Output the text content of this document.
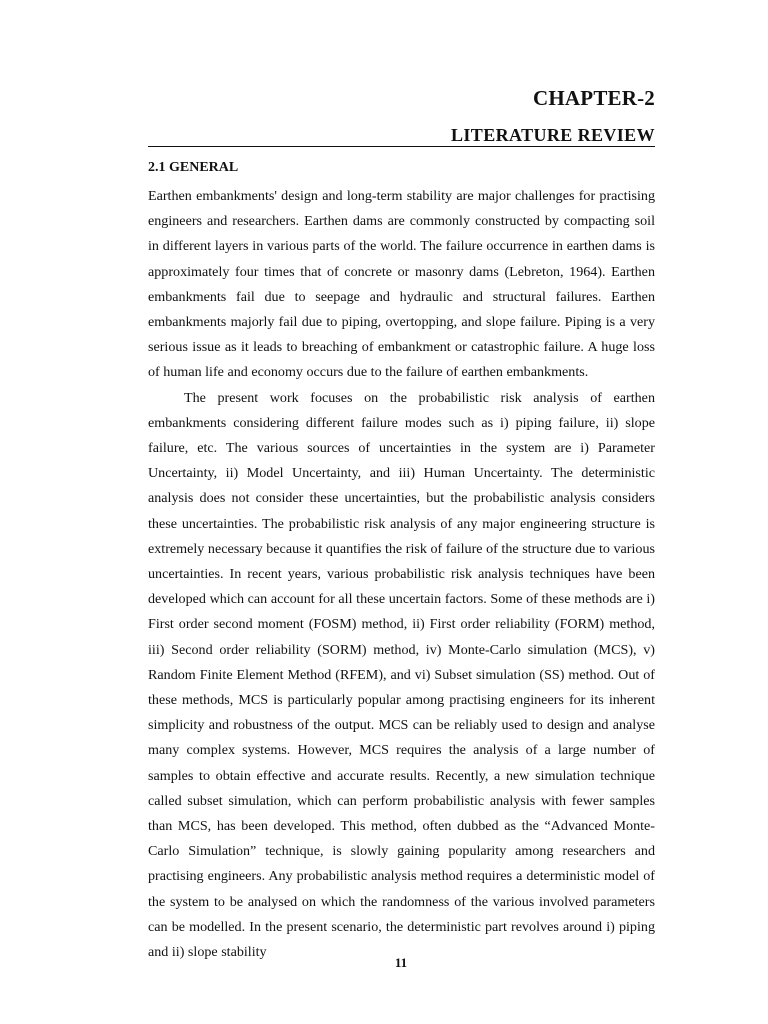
CHAPTER-2
LITERATURE REVIEW
2.1 GENERAL

Earthen embankments' design and long-term stability are major challenges for practising engineers and researchers. Earthen dams are commonly constructed by compacting soil in different layers in various parts of the world. The failure occurrence in earthen dams is approximately four times that of concrete or masonry dams (Lebreton, 1964). Earthen embankments fail due to seepage and hydraulic and structural failures. Earthen embankments majorly fail due to piping, overtopping, and slope failure. Piping is a very serious issue as it leads to breaching of embankment or catastrophic failure. A huge loss of human life and economy occurs due to the failure of earthen embankments.

The present work focuses on the probabilistic risk analysis of earthen embankments considering different failure modes such as i) piping failure, ii) slope failure, etc. The various sources of uncertainties in the system are i) Parameter Uncertainty, ii) Model Uncertainty, and iii) Human Uncertainty. The deterministic analysis does not consider these uncertainties, but the probabilistic analysis considers these uncertainties. The probabilistic risk analysis of any major engineering structure is extremely necessary because it quantifies the risk of failure of the structure due to various uncertainties. In recent years, various probabilistic risk analysis techniques have been developed which can account for all these uncertain factors. Some of these methods are i) First order second moment (FOSM) method, ii) First order reliability (FORM) method, iii) Second order reliability (SORM) method, iv) Monte-Carlo simulation (MCS), v) Random Finite Element Method (RFEM), and vi) Subset simulation (SS) method. Out of these methods, MCS is particularly popular among practising engineers for its inherent simplicity and robustness of the output. MCS can be reliably used to design and analyse many complex systems. However, MCS requires the analysis of a large number of samples to obtain effective and accurate results. Recently, a new simulation technique called subset simulation, which can perform probabilistic analysis with fewer samples than MCS, has been developed. This method, often dubbed as the “Advanced Monte-Carlo Simulation” technique, is slowly gaining popularity among researchers and practising engineers. Any probabilistic analysis method requires a deterministic model of the system to be analysed on which the randomness of the various involved parameters can be modelled. In the present scenario, the deterministic part revolves around i) piping and ii) slope stability

11
